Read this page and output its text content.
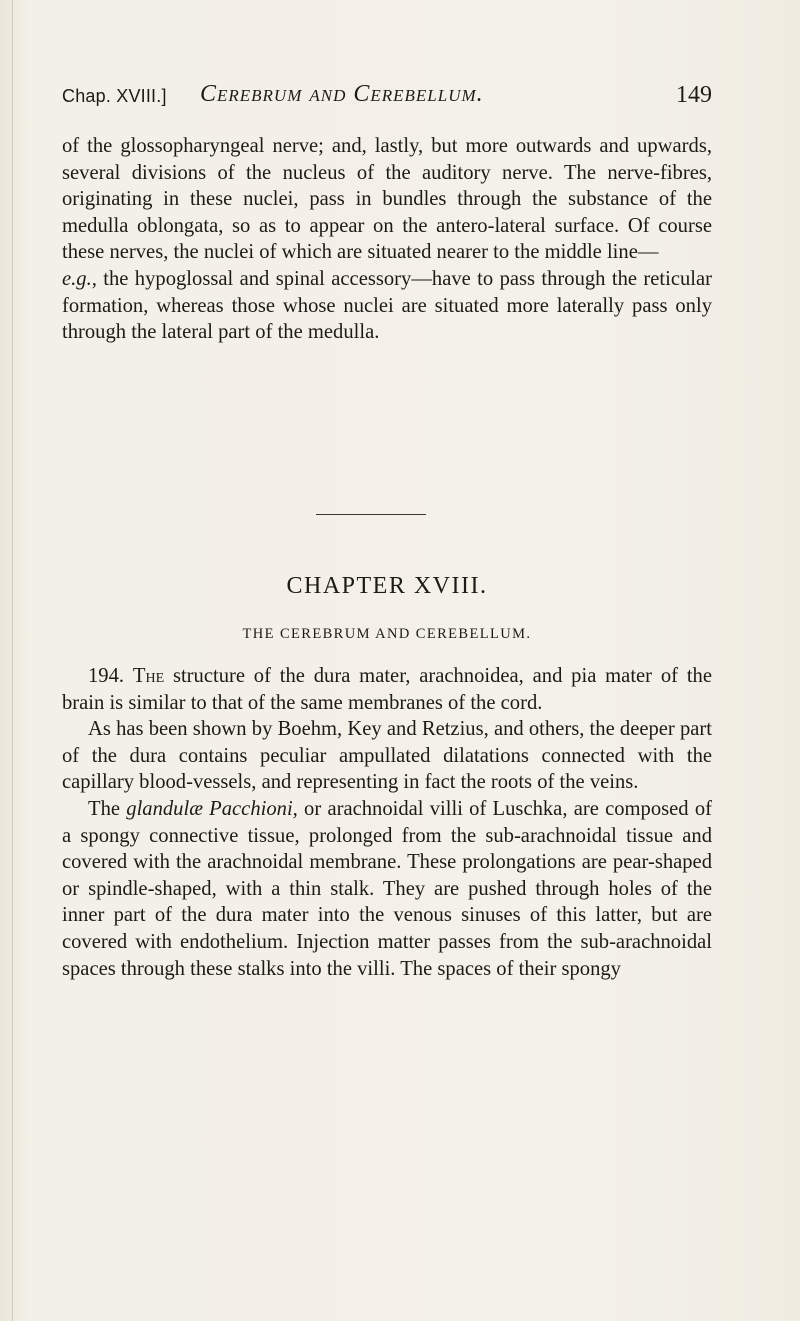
Chap. XVIII.] Cerebrum and Cerebellum.	149

of the glossopharyngeal nerve; and, lastly, but more outwards and upwards, several divisions of the nucleus of the auditory nerve. The nerve-fibres, originating in these nuclei, pass in bundles through the substance of the medulla oblongata, so as to appear on the antero-lateral surface. Of course these nerves, the nuclei of which are situated nearer to the middle line—
e.g., the hypoglossal and spinal accessory—have to pass through the reticular formation, whereas those whose nuclei are situated more laterally pass only through the lateral part of the medulla.

CHAPTER XVIII.
THE CEREBRUM AND CEREBELLUM.

194. The structure of the dura mater, arachnoidea, and pia mater of the brain is similar to that of the same membranes of the cord.

As has been shown by Boehm, Key and Retzius, and others, the deeper part of the dura contains peculiar ampullated dilatations connected with the capillary blood-vessels, and representing in fact the roots of the veins.

The glandulæ Pacchioni, or arachnoidal villi of Luschka, are composed of a spongy connective tissue, prolonged from the sub-arachnoidal tissue and covered with the arachnoidal membrane. These prolongations are pear-shaped or spindle-shaped, with a thin stalk. They are pushed through holes of the inner part of the dura mater into the venous sinuses of this latter, but are covered with endothelium. Injection matter passes from the sub-arachnoidal spaces through these stalks into the villi. The spaces of their spongy
